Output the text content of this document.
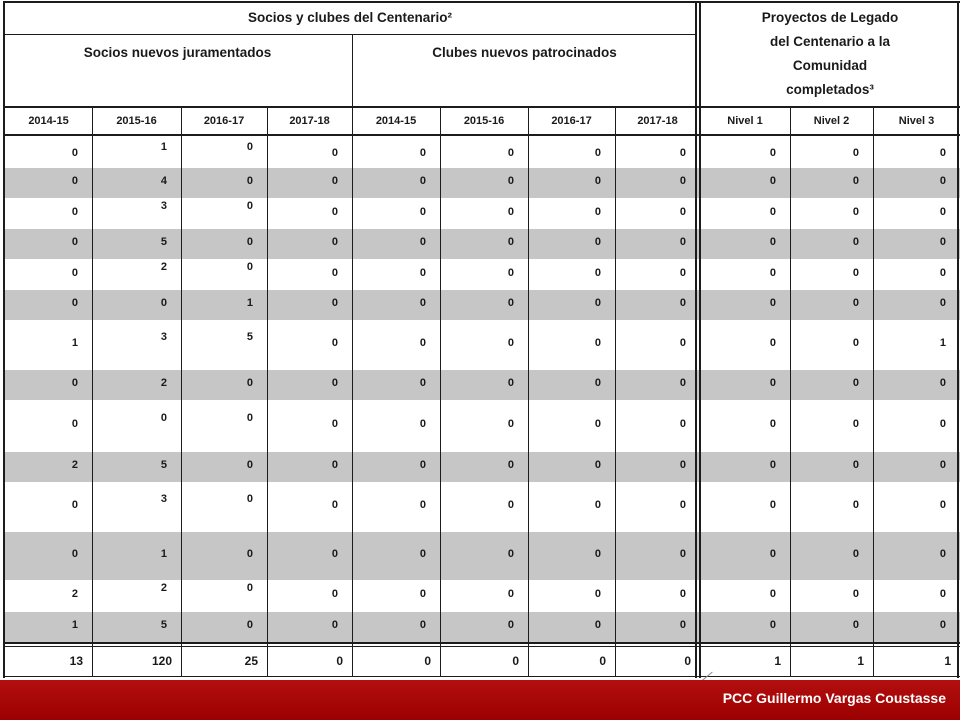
Socios y clubes del Centenario²
Socios nuevos juramentados	Clubes nuevos patrocinados
Proyectos de Legado
del Centenario a la
Comunidad
completados³
2014-15	2015-16	2016-17	2017-18	2014-15	2015-16	2016-17	2017-18	Nivel 1	Nivel 2	Nivel 3
13	120	25	0	0	0	0	0	1	1	1
0	1	0	0	0	0	0	0	0	0	0
0	4	0	0	0	0	0	0	0	0	0
0	3	0	0	0	0	0	0	0	0	0
0	5	0	0	0	0	0	0	0	0	0
0	2	0	0	0	0	0	0	0	0	0
0	0	1	0	0	0	0	0	0	0	0
1	3	5	0	0	0	0	0	0	0	1
0	2	0	0	0	0	0	0	0	0	0
0	0	0	0	0	0	0	0	0	0	0
2	5	0	0	0	0	0	0	0	0	0
0	3	0	0	0	0	0	0	0	0	0
0	1	0	0	0	0	0	0	0	0	0
2	2	0	0	0	0	0	0	0	0	0
1	5	0	0	0	0	0	0	0	0	0
PCC Guillermo Vargas Coustasse
